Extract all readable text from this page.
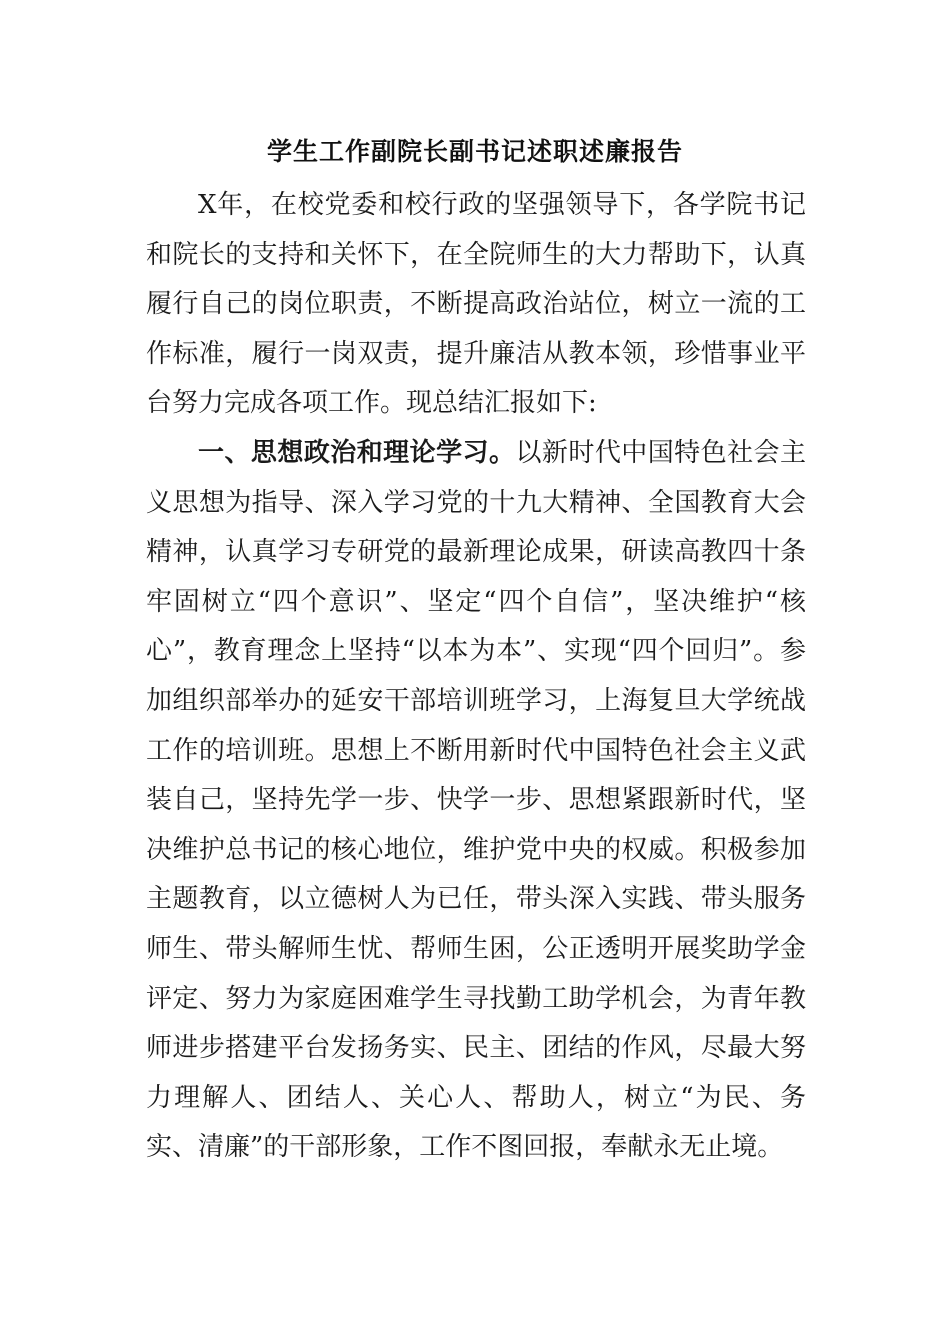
学生工作副院长副书记述职述廉报告

X年，在校党委和校行政的坚强领导下，各学院书记和院长的支持和关怀下，在全院师生的大力帮助下，认真履行自己的岗位职责，不断提高政治站位，树立一流的工作标准，履行一岗双责，提升廉洁从教本领，珍惜事业平台努力完成各项工作。现总结汇报如下:

一、思想政治和理论学习。以新时代中国特色社会主义思想为指导、深入学习党的十九大精神、全国教育大会精神，认真学习专研党的最新理论成果，研读高教四十条牢固树立“四个意识”、坚定“四个自信”，坚决维护“核心”，教育理念上坚持“以本为本”、实现“四个回归”。参加组织部举办的延安干部培训班学习，上海复旦大学统战工作的培训班。思想上不断用新时代中国特色社会主义武装自己，坚持先学一步、快学一步、思想紧跟新时代，坚决维护总书记的核心地位，维护党中央的权威。积极参加主题教育，以立德树人为已任，带头深入实践、带头服务师生、带头解师生忧、帮师生困，公正透明开展奖助学金评定、努力为家庭困难学生寻找勤工助学机会，为青年教师进步搭建平台发扬务实、民主、团结的作风，尽最大努力理解人、团结人、关心人、帮助人，树立“为民、务实、清廉”的干部形象，工作不图回报，奉献永无止境。
